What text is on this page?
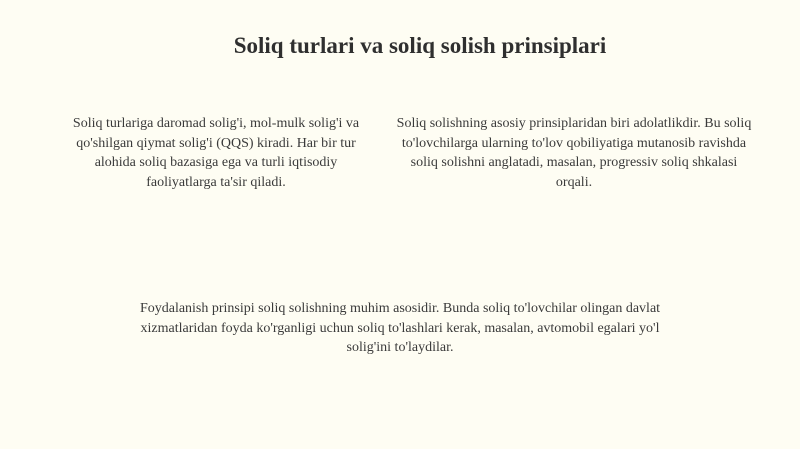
Soliq turlari va soliq solish prinsiplari

Soliq turlariga daromad solig'i, mol-mulk solig'i va qo'shilgan qiymat solig'i (QQS) kiradi. Har bir tur alohida soliq bazasiga ega va turli iqtisodiy faoliyatlarga ta'sir qiladi.

Soliq solishning asosiy prinsiplaridan biri adolatlikdir. Bu soliq to'lovchilarga ularning to'lov qobiliyatiga mutanosib ravishda soliq solishni anglatadi, masalan, progressiv soliq shkalasi orqali.

Foydalanish prinsipi soliq solishning muhim asosidir. Bunda soliq to'lovchilar olingan davlat xizmatlaridan foyda ko'rganligi uchun soliq to'lashlari kerak, masalan, avtomobil egalari yo'l solig'ini to'laydilar.
